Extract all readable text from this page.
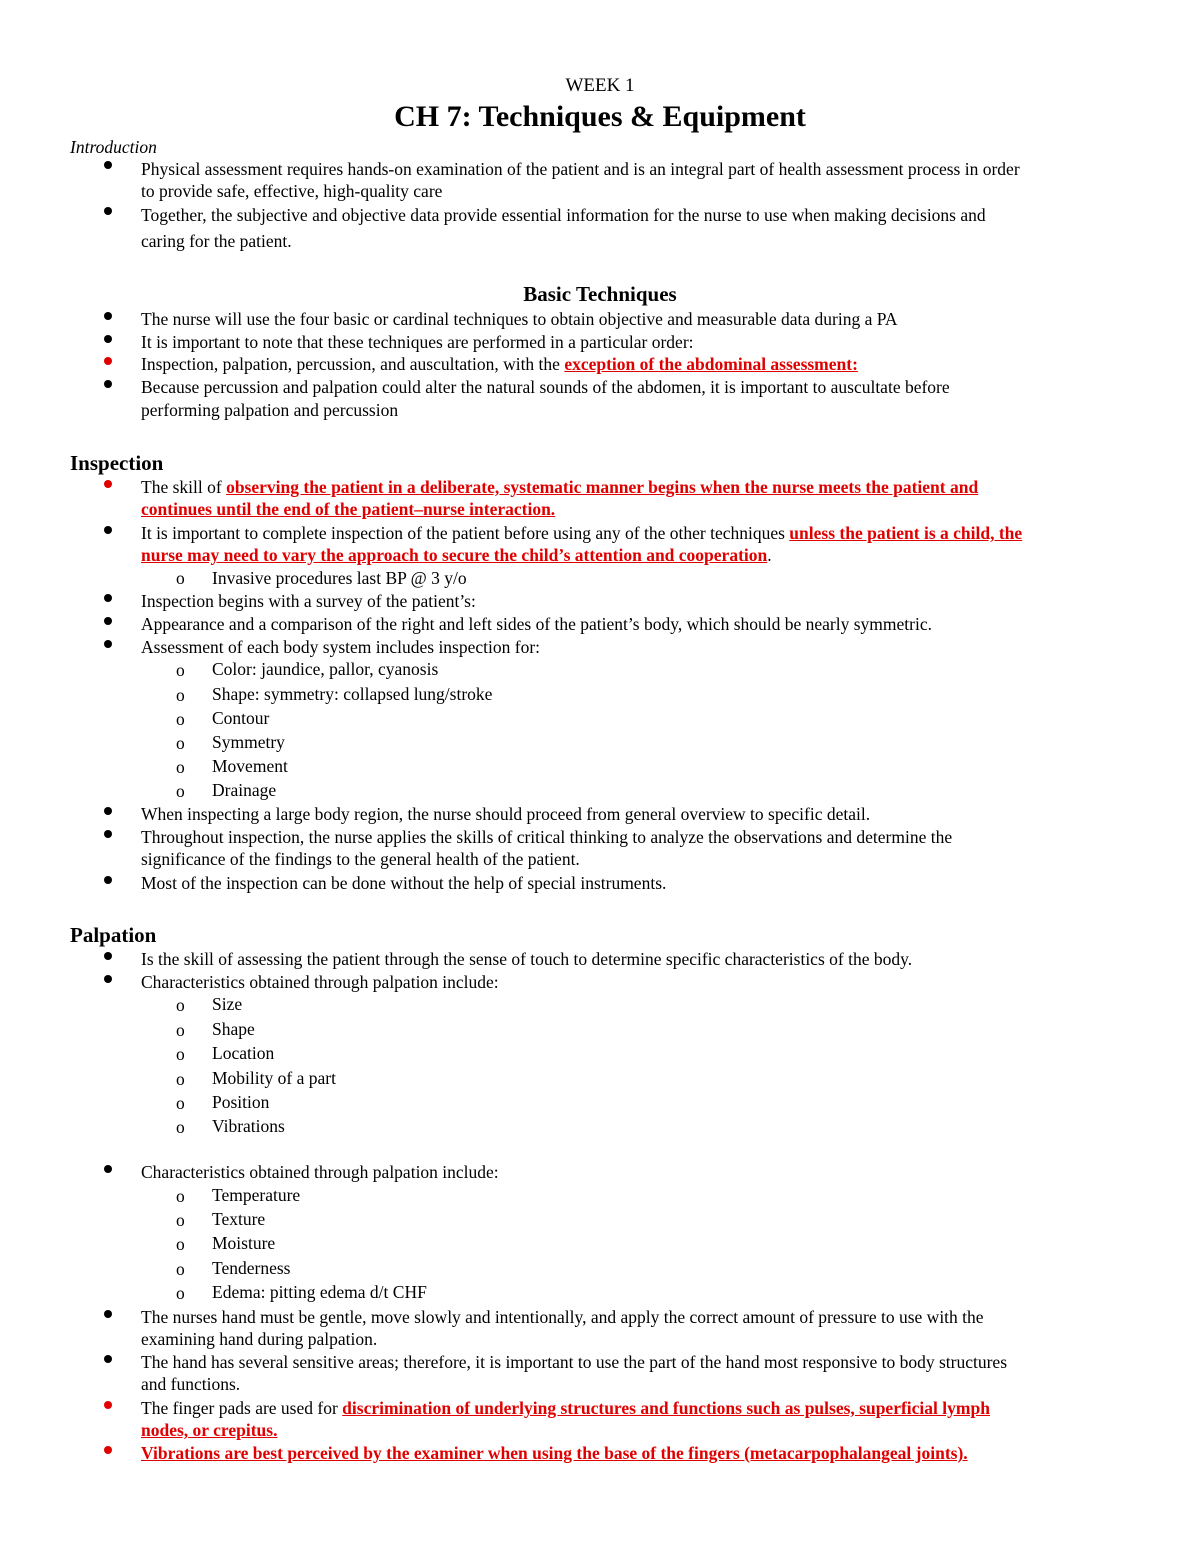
WEEK 1
CH 7: Techniques & Equipment
Introduction
Physical assessment requires hands-on examination of the patient and is an integral part of health assessment process in order
to provide safe, effective, high-quality care
Together, the subjective and objective data provide essential information for the nurse to use when making decisions and
caring for the patient.
Basic Techniques
The nurse will use the four basic or cardinal techniques to obtain objective and measurable data during a PA
It is important to note that these techniques are performed in a particular order:
Inspection, palpation, percussion, and auscultation, with the exception of the abdominal assessment:
Because percussion and palpation could alter the natural sounds of the abdomen, it is important to auscultate before
performing palpation and percussion
Inspection
The skill of observing the patient in a deliberate, systematic manner begins when the nurse meets the patient and
continues until the end of the patient–nurse interaction.
It is important to complete inspection of the patient before using any of the other techniques unless the patient is a child, the
nurse may need to vary the approach to secure the child’s attention and cooperation.
o Invasive procedures last BP @ 3 y/o
Inspection begins with a survey of the patient’s:
Appearance and a comparison of the right and left sides of the patient’s body, which should be nearly symmetric.
Assessment of each body system includes inspection for:
o Color: jaundice, pallor, cyanosis
o Shape: symmetry: collapsed lung/stroke
o Contour
o Symmetry
o Movement
o Drainage
When inspecting a large body region, the nurse should proceed from general overview to specific detail.
Throughout inspection, the nurse applies the skills of critical thinking to analyze the observations and determine the
significance of the findings to the general health of the patient.
Most of the inspection can be done without the help of special instruments.
Palpation
Is the skill of assessing the patient through the sense of touch to determine specific characteristics of the body.
Characteristics obtained through palpation include:
o Size
o Shape
o Location
o Mobility of a part
o Position
o Vibrations
Characteristics obtained through palpation include:
o Temperature
o Texture
o Moisture
o Tenderness
o Edema: pitting edema d/t CHF
The nurses hand must be gentle, move slowly and intentionally, and apply the correct amount of pressure to use with the
examining hand during palpation.
The hand has several sensitive areas; therefore, it is important to use the part of the hand most responsive to body structures
and functions.
The finger pads are used for discrimination of underlying structures and functions such as pulses, superficial lymph
nodes, or crepitus.
Vibrations are best perceived by the examiner when using the base of the fingers (metacarpophalangeal joints).
